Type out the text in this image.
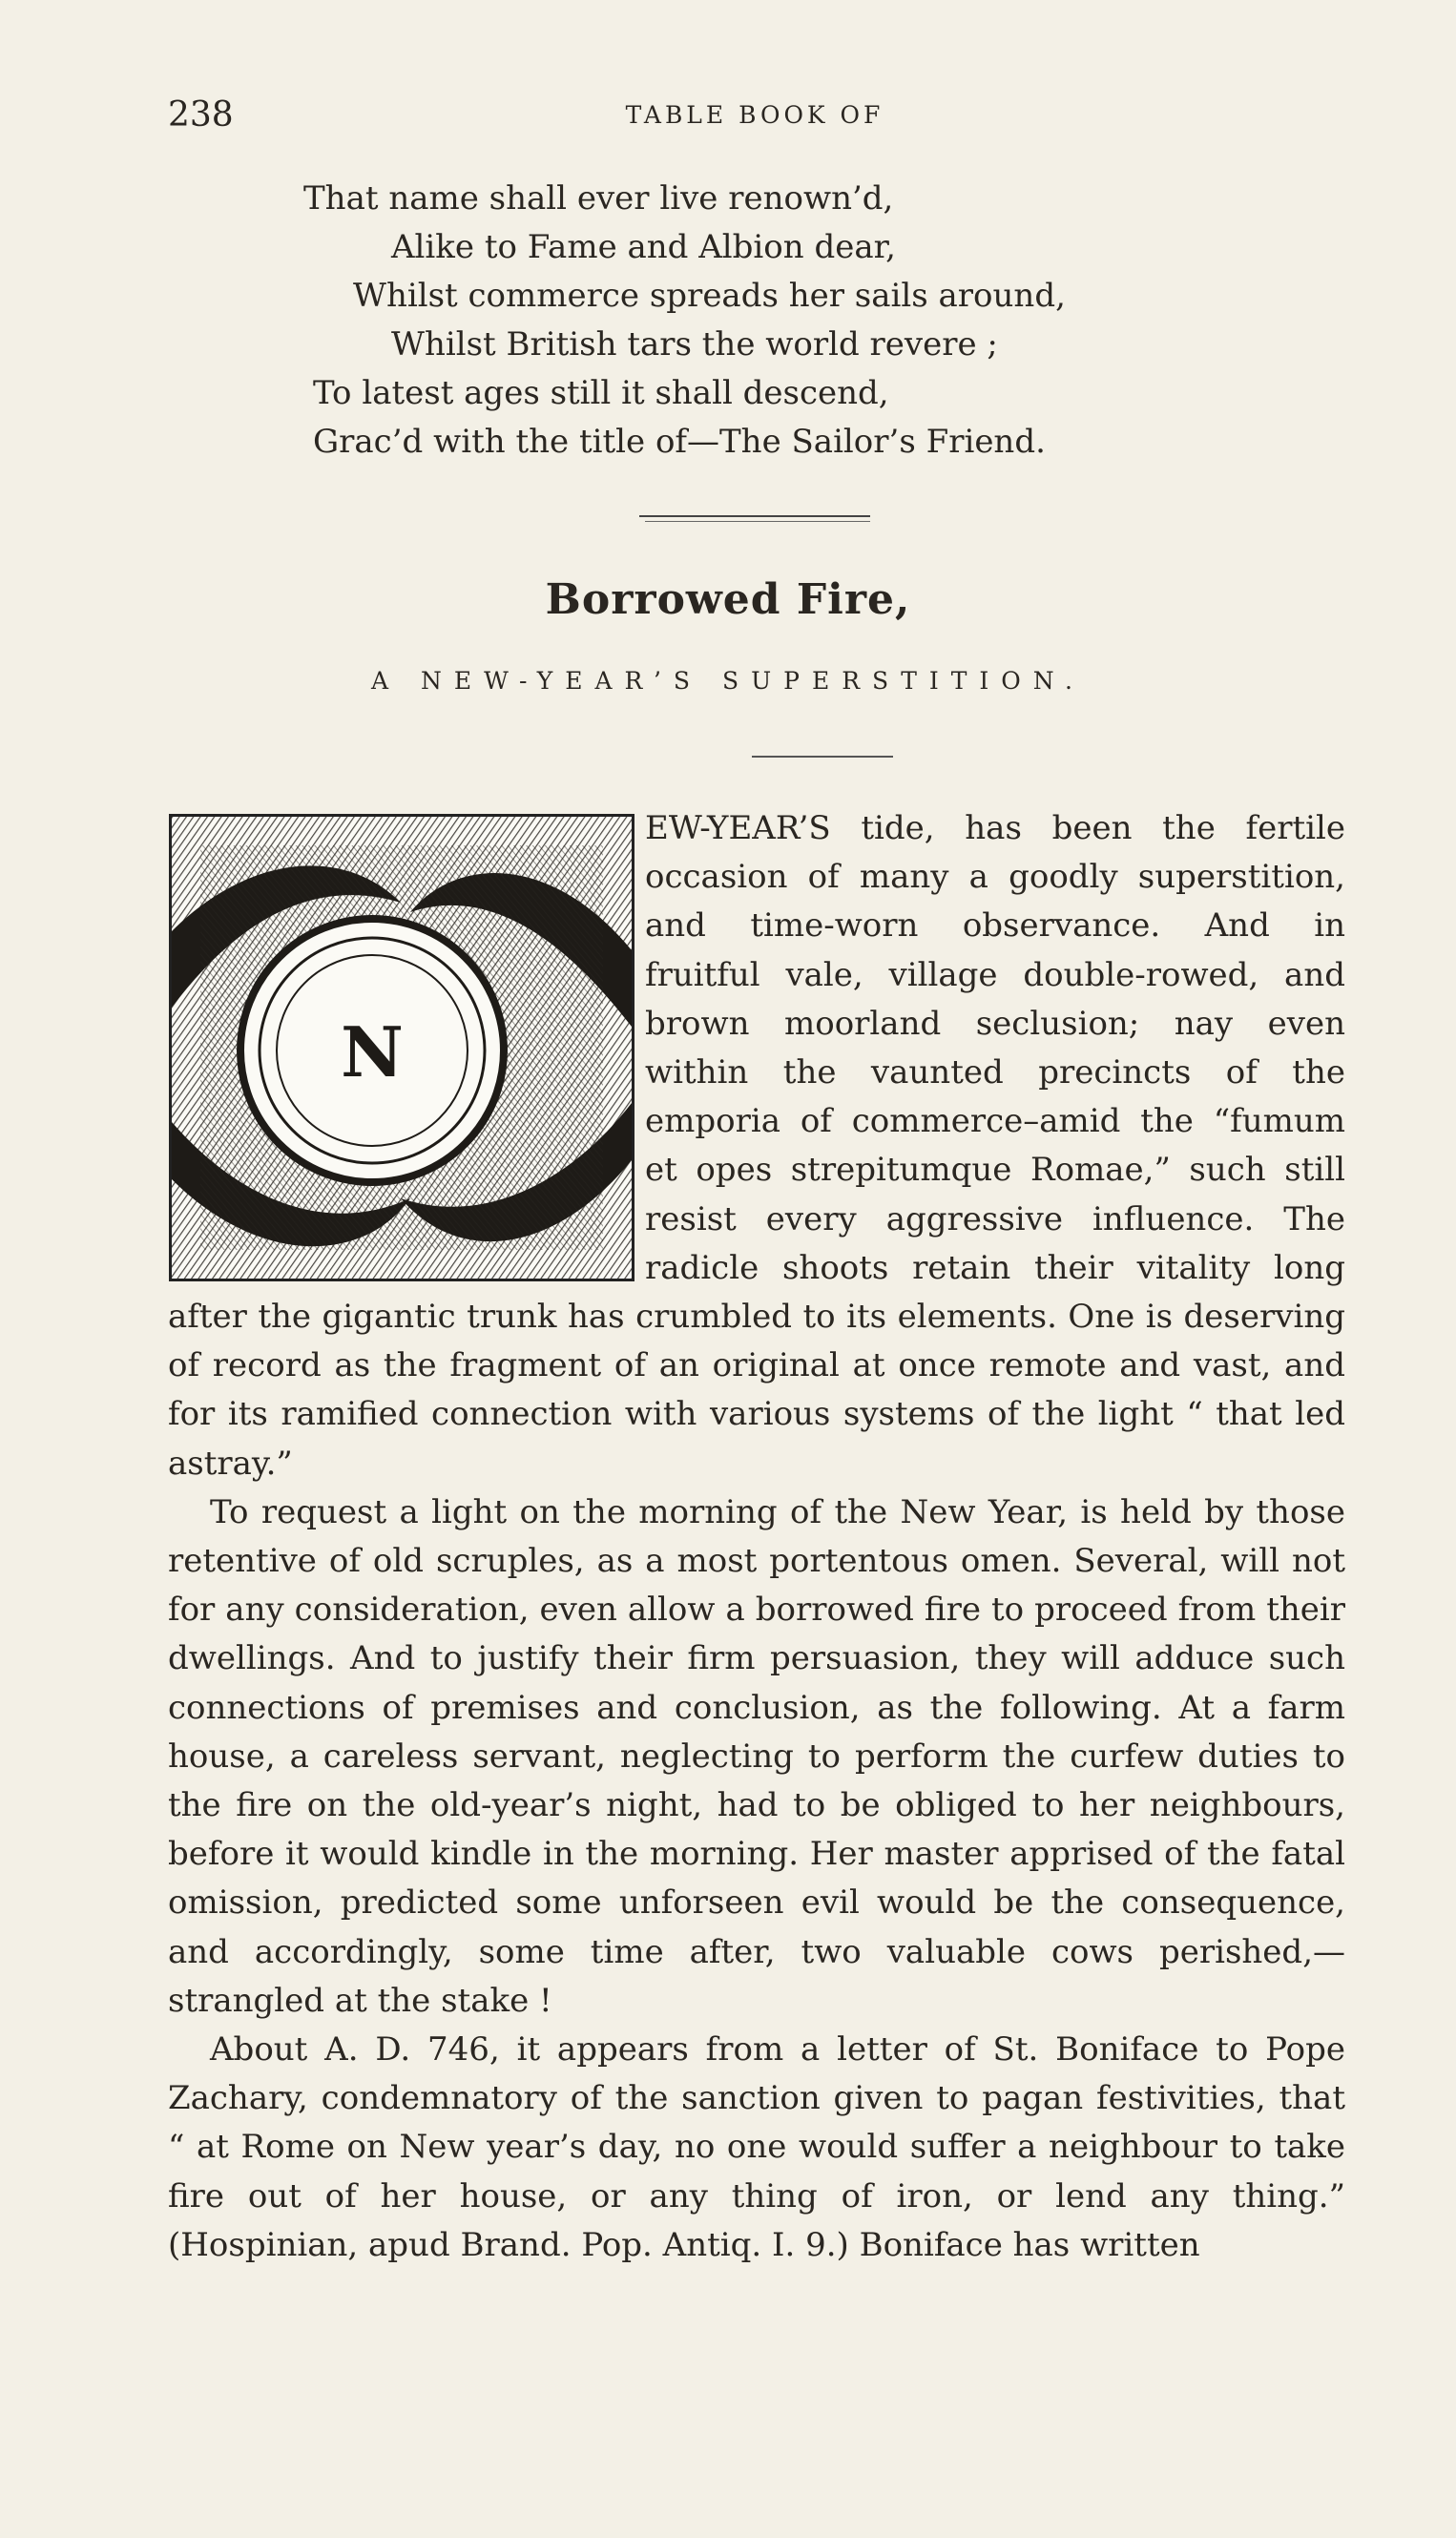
238	TABLE BOOK OF
That name shall ever live renown’d,
Alike to Fame and Albion dear,
Whilst commerce spreads her sails around,
Whilst British tars the world revere ;
To latest ages still it shall descend,
Grac’d with the title of—The Sailor’s Friend.
Borrowed Fire,
A NEW-YEAR’S SUPERSTITION.
N
EW-YEAR’S tide, has been the fertile
occasion of many a goodly superstition,
and time-worn observance. And in
fruitful vale, village double-rowed, and
brown moorland seclusion; nay even
within the vaunted precincts of the
emporia of commerce–amid the “fumum
et opes strepitumque Romae,” such still
resist every aggressive influence. The
radicle shoots retain their vitality long

after the gigantic trunk has crumbled to its elements. One is deserving of record as the fragment of an original at once remote and vast, and for its ramified connection with various systems of the light “ that led astray.”

To request a light on the morning of the New Year, is held by those retentive of old scruples, as a most portentous omen. Several, will not for any consideration, even allow a borrowed fire to proceed from their dwellings. And to justify their firm persuasion, they will adduce such connections of premises and conclusion, as the following. At a farm house, a careless servant, neglecting to perform the curfew duties to the fire on the old-year’s night, had to be obliged to her neighbours, before it would kindle in the morning. Her master apprised of the fatal omission, predicted some unforseen evil would be the consequence, and accordingly, some time after, two valuable cows perished,—strangled at the stake !

About A. D. 746, it appears from a letter of St. Boniface to Pope Zachary, condemnatory of the sanction given to pagan festivities, that “ at Rome on New year’s day, no one would suffer a neighbour to take fire out of her house, or any thing of iron, or lend any thing.” (Hospinian, apud Brand. Pop. Antiq. I. 9.) Boniface has written
